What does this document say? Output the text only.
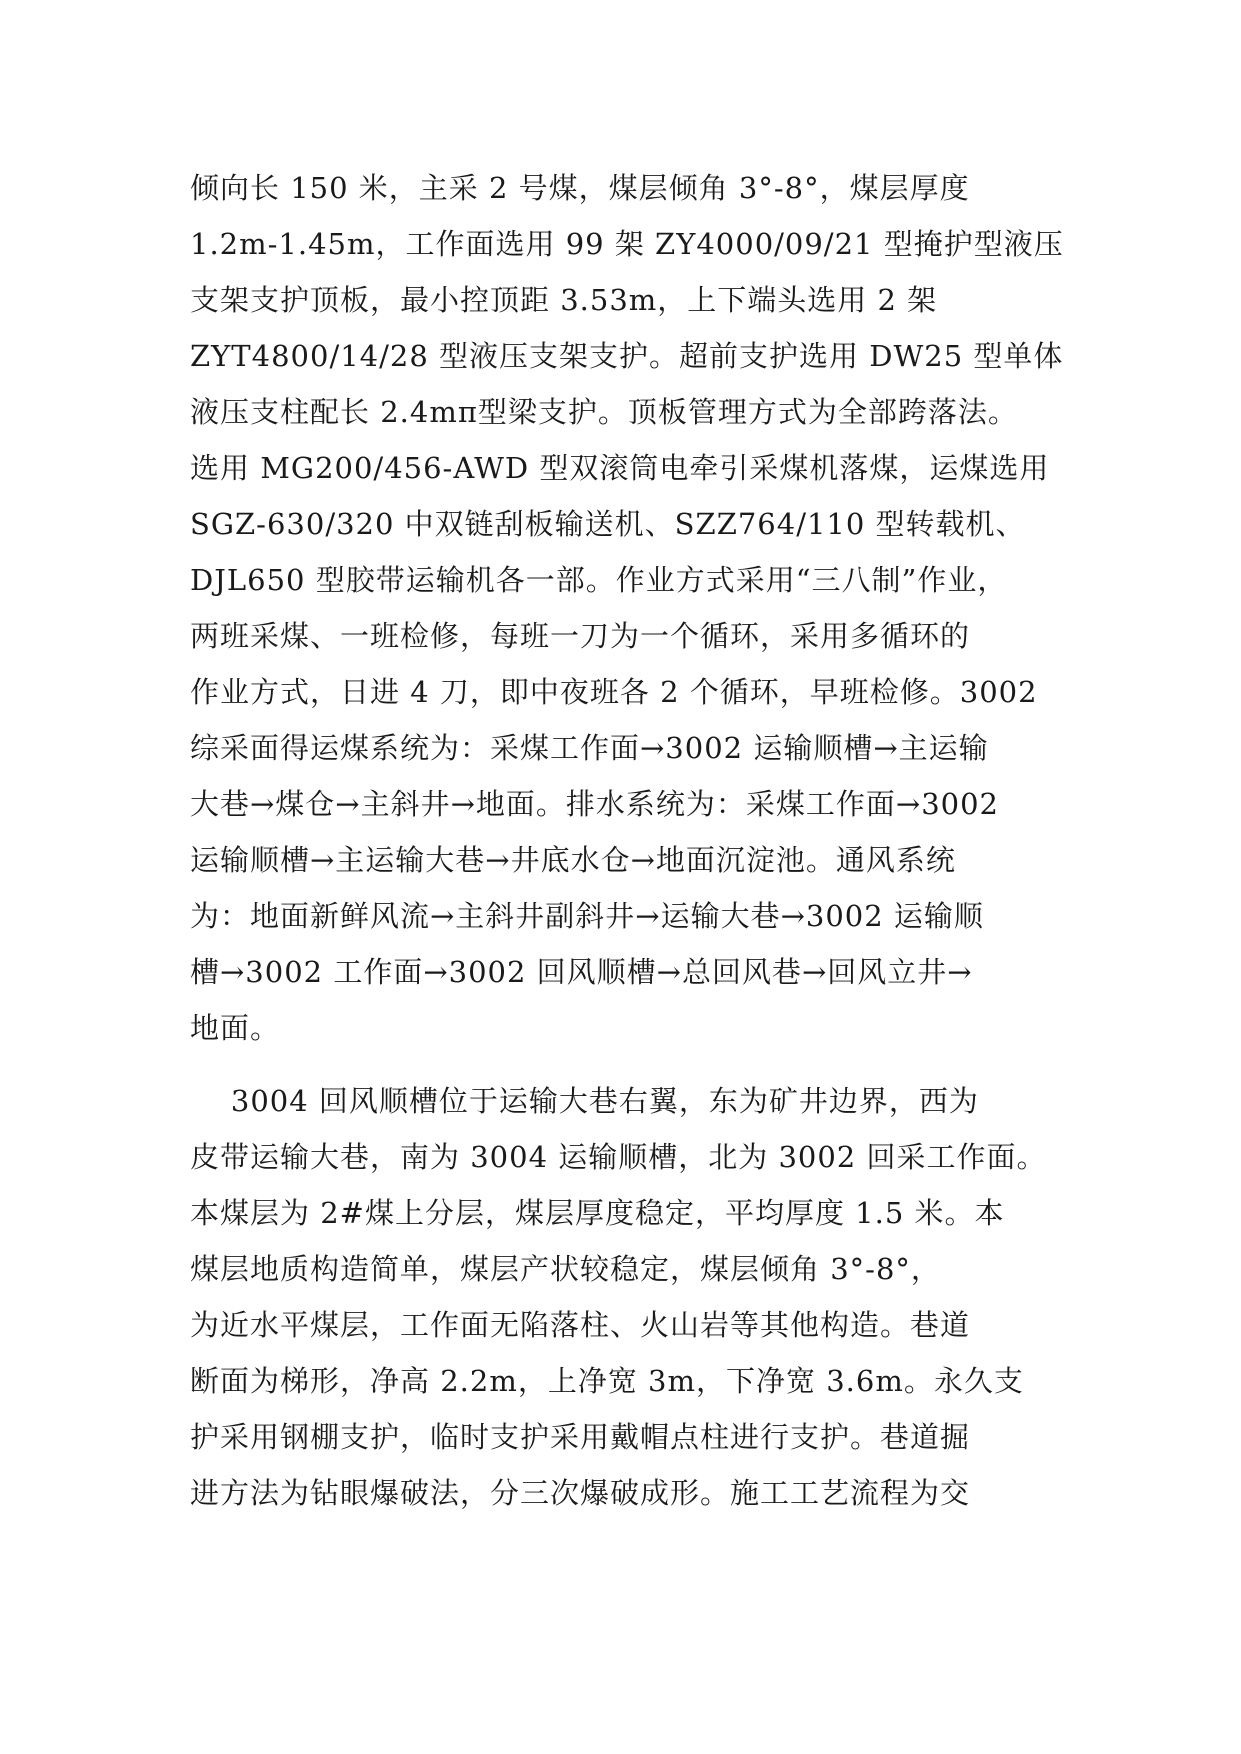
倾向长 150 米，主采 2 号煤，煤层倾角 3°-8°，煤层厚度
1.2m-1.45m，工作面选用 99 架 ZY4000/09/21 型掩护型液压
支架支护顶板，最小控顶距 3.53m，上下端头选用 2 架
ZYT4800/14/28 型液压支架支护。超前支护选用 DW25 型单体
液压支柱配长 2.4mπ型梁支护。顶板管理方式为全部跨落法。
选用 MG200/456-AWD 型双滚筒电牵引采煤机落煤，运煤选用
SGZ-630/320 中双链刮板输送机、SZZ764/110 型转载机、
DJL650 型胶带运输机各一部。作业方式采用“三八制”作业，
两班采煤、一班检修，每班一刀为一个循环，采用多循环的
作业方式，日进 4 刀，即中夜班各 2 个循环，早班检修。3002
综采面得运煤系统为：采煤工作面→3002 运输顺槽→主运输
大巷→煤仓→主斜井→地面。排水系统为：采煤工作面→3002
运输顺槽→主运输大巷→井底水仓→地面沉淀池。通风系统
为：地面新鲜风流→主斜井副斜井→运输大巷→3002 运输顺
槽→3002 工作面→3002 回风顺槽→总回风巷→回风立井→
地面。
3004 回风顺槽位于运输大巷右翼，东为矿井边界，西为
皮带运输大巷，南为 3004 运输顺槽，北为 3002 回采工作面。
本煤层为 2#煤上分层，煤层厚度稳定，平均厚度 1.5 米。本
煤层地质构造简单，煤层产状较稳定，煤层倾角 3°-8°，
为近水平煤层，工作面无陷落柱、火山岩等其他构造。巷道
断面为梯形，净高 2.2m，上净宽 3m，下净宽 3.6m。永久支
护采用钢棚支护，临时支护采用戴帽点柱进行支护。巷道掘
进方法为钻眼爆破法，分三次爆破成形。施工工艺流程为交
